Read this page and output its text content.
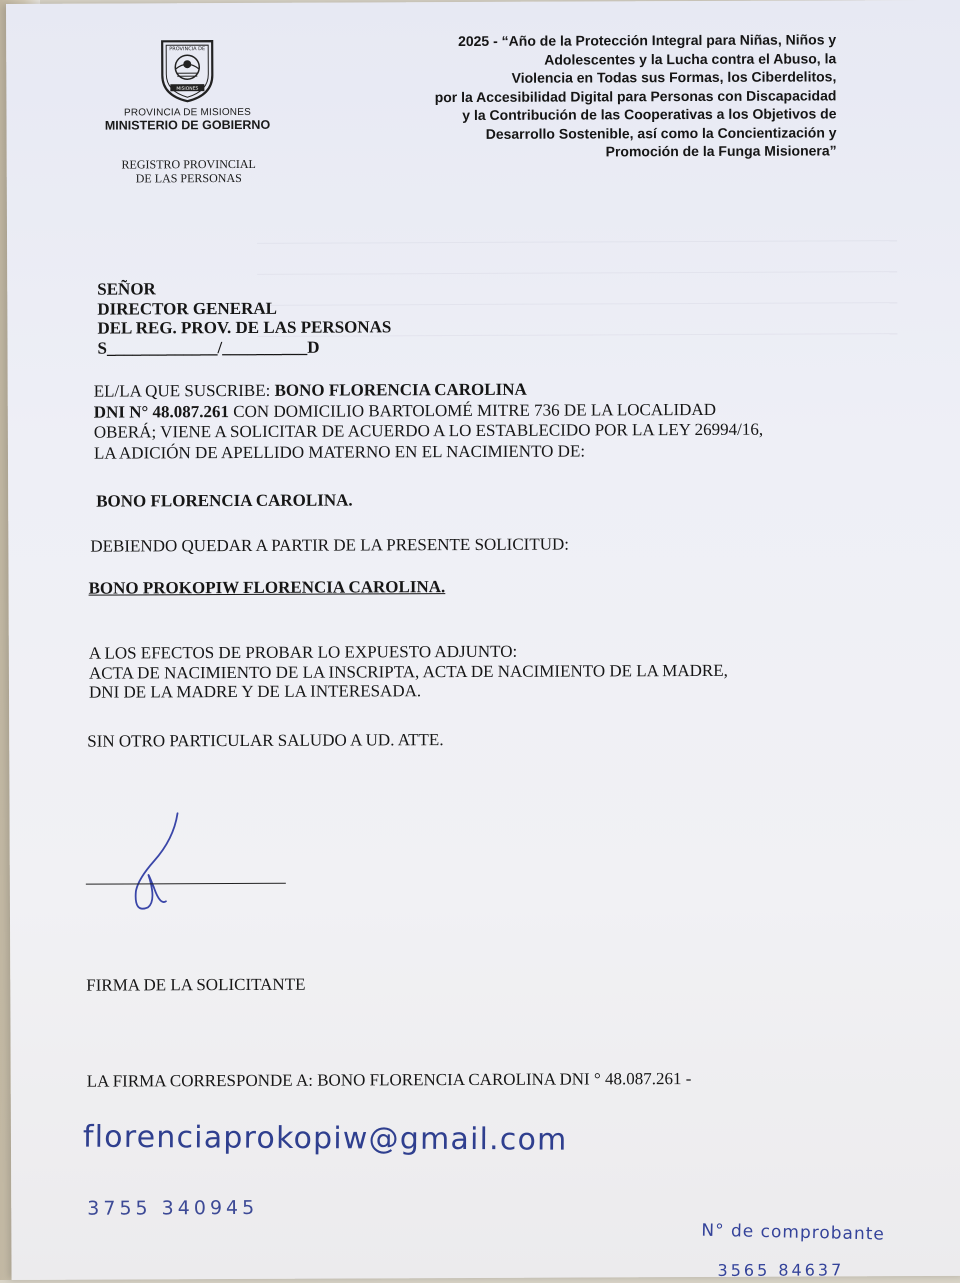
PROVINCIA DE
MISIONES
PROVINCIA DE MISIONES
MINISTERIO DE GOBIERNO
REGISTRO PROVINCIAL
DE LAS PERSONAS
2025 - “Año de la Protección Integral para Niñas, Niños y
Adolescentes y la Lucha contra el Abuso, la
Violencia en Todas sus Formas, los Ciberdelitos,
por la Accesibilidad Digital para Personas con Discapacidad
y la Contribución de las Cooperativas a los Objetivos de
Desarrollo Sostenible, así como la Concientización y
Promoción de la Funga Misionera”
SEÑOR
DIRECTOR GENERAL
DEL REG. PROV. DE LAS PERSONAS
S_____________/__________D
EL/LA QUE SUSCRIBE: BONO FLORENCIA CAROLINA
DNI N° 48.087.261 CON DOMICILIO BARTOLOMÉ MITRE 736 DE LA LOCALIDAD
OBERÁ; VIENE A SOLICITAR DE ACUERDO A LO ESTABLECIDO POR LA LEY 26994/16,
LA ADICIÓN DE APELLIDO MATERNO EN EL NACIMIENTO DE:
BONO FLORENCIA CAROLINA.
DEBIENDO QUEDAR A PARTIR DE LA PRESENTE SOLICITUD:
BONO PROKOPIW FLORENCIA CAROLINA.
A LOS EFECTOS DE PROBAR LO EXPUESTO ADJUNTO:
ACTA DE NACIMIENTO DE LA INSCRIPTA, ACTA DE NACIMIENTO DE LA MADRE,
DNI DE LA MADRE Y DE LA INTERESADA.
SIN OTRO PARTICULAR SALUDO A UD. ATTE.
FIRMA DE LA SOLICITANTE
LA FIRMA CORRESPONDE A: BONO FLORENCIA CAROLINA DNI ° 48.087.261 -
florenciaprokopiw@gmail.com
3755 340945
N° de comprobante
3565 84637
